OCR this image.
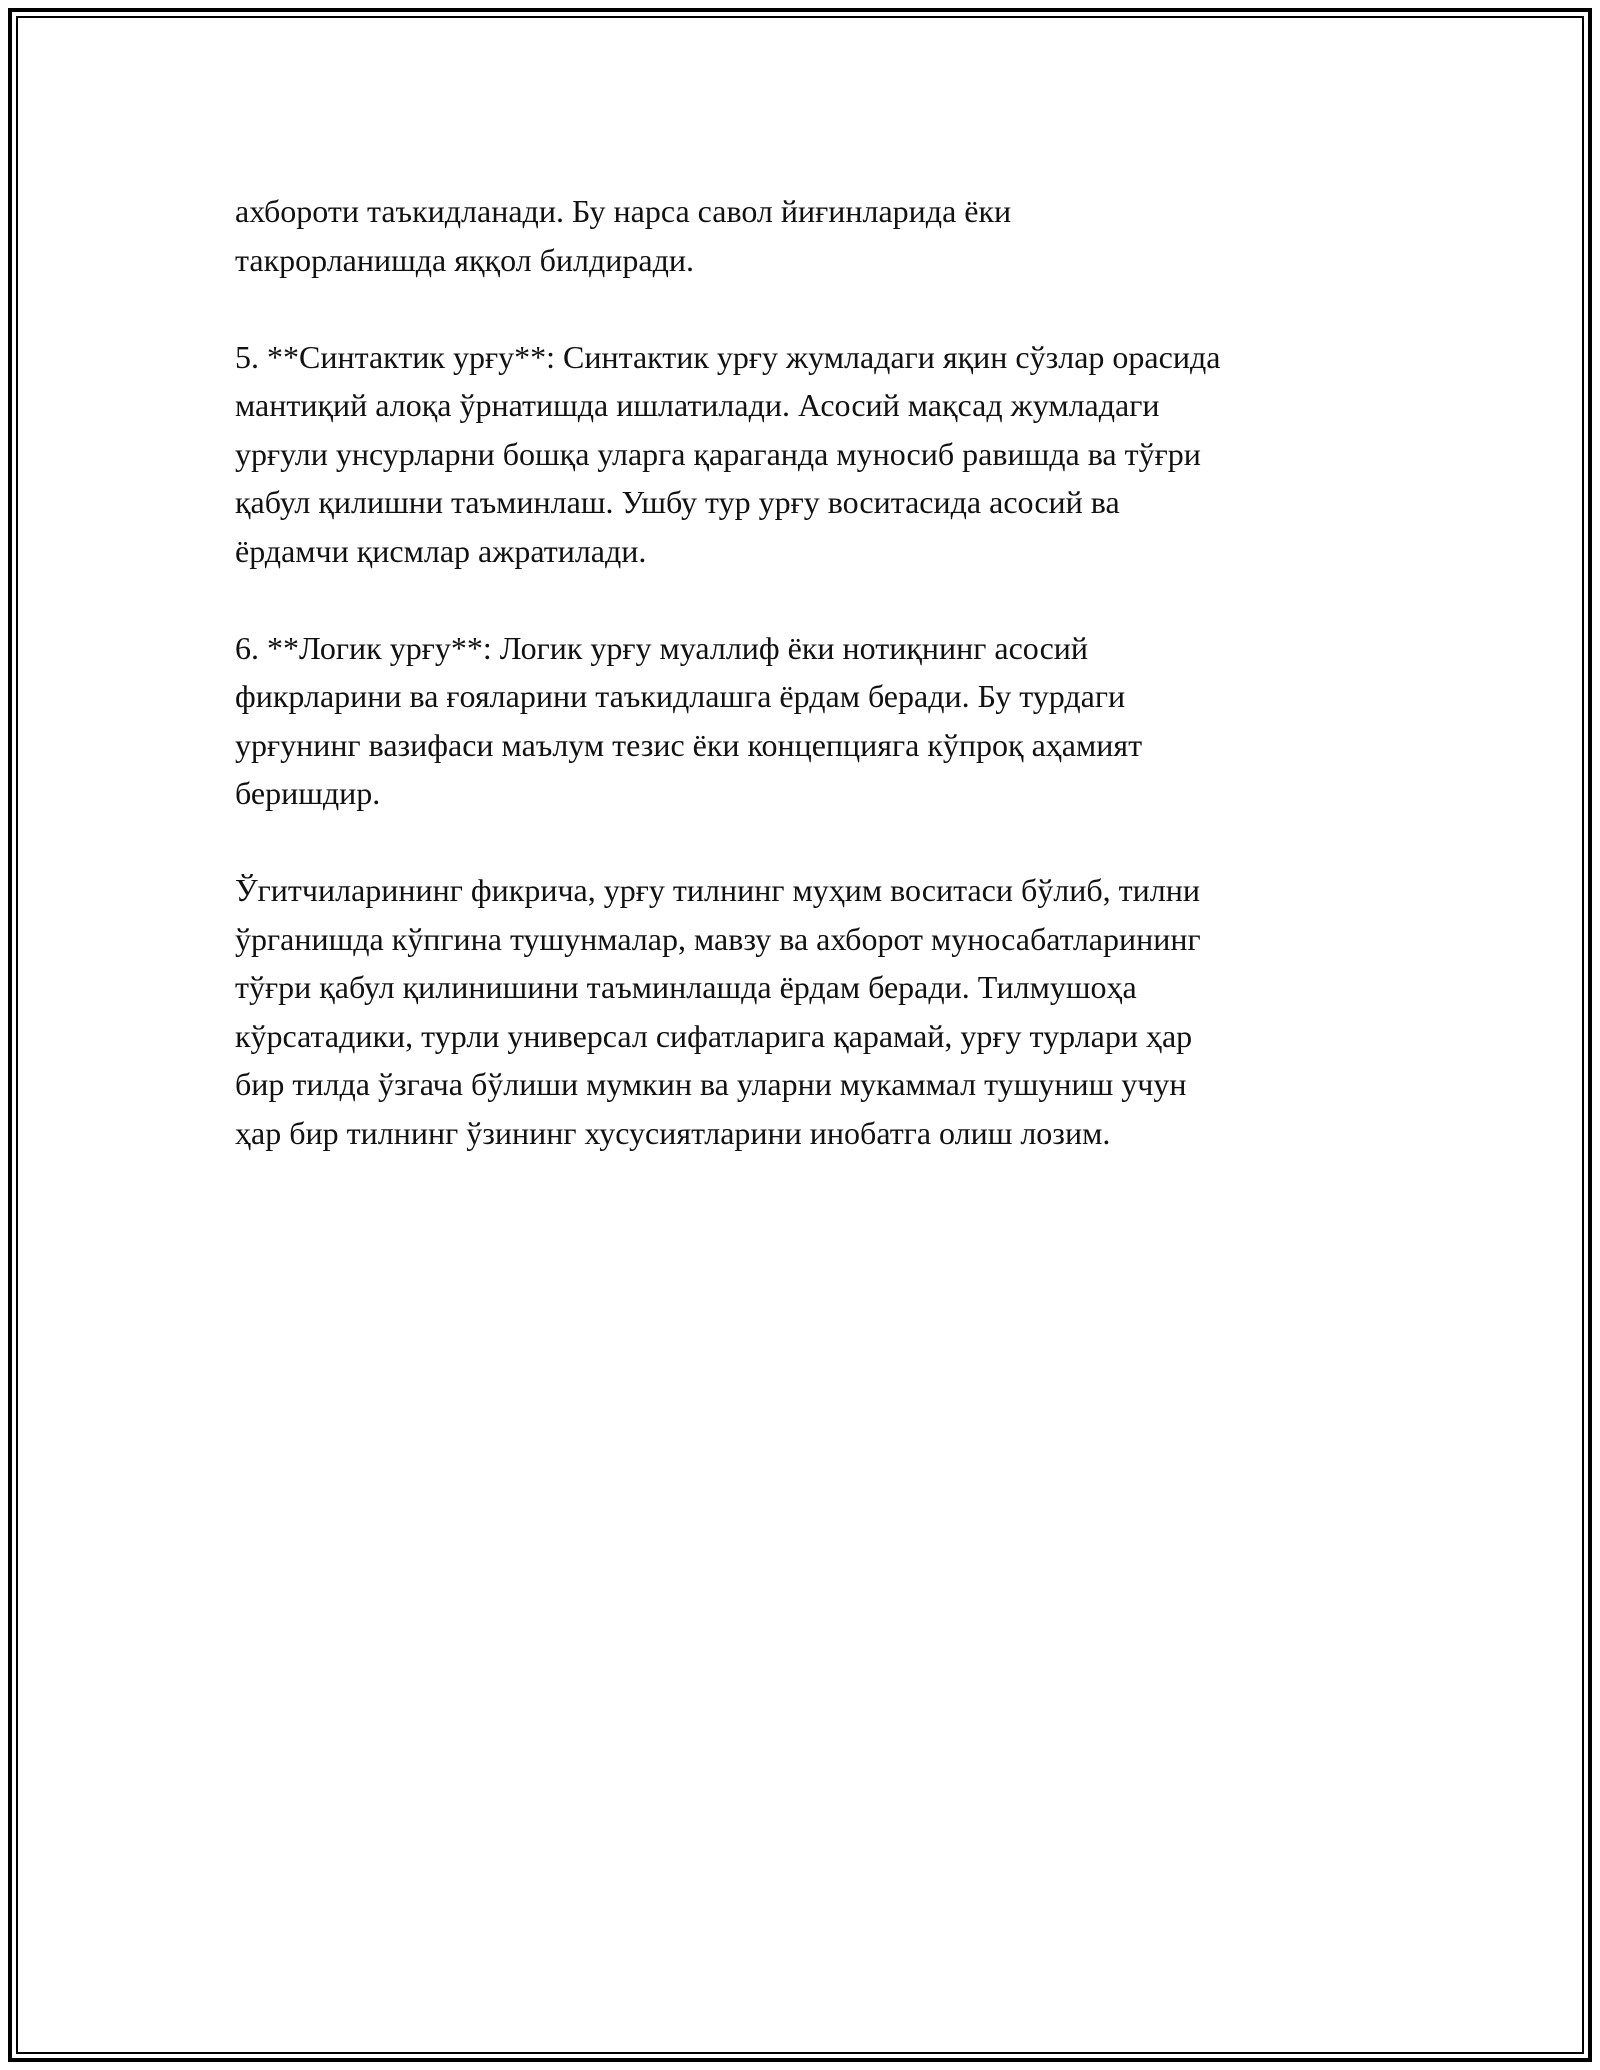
ахбороти таъкидланади. Бу нарса савол йиғинларида ёки
такрорланишда яққол билдиради.

5. **Синтактик урғу**: Синтактик урғу жумладаги яқин сўзлар орасида
мантиқий алоқа ўрнатишда ишлатилади. Асосий мақсад жумладаги
урғули унсурларни бошқа уларга қараганда муносиб равишда ва тўғри
қабул қилишни таъминлаш. Ушбу тур урғу воситасида асосий ва
ёрдамчи қисмлар ажратилади.

6. **Логик урғу**: Логик урғу муаллиф ёки нотиқнинг асосий
фикрларини ва ғояларини таъкидлашга ёрдам беради. Бу турдаги
урғунинг вазифаси маълум тезис ёки концепцияга кўпроқ аҳамият
беришдир.

Ўгитчиларининг фикрича, урғу тилнинг муҳим воситаси бўлиб, тилни
ўрганишда кўпгина тушунмалар, мавзу ва ахборот муносабатларининг
тўғри қабул қилинишини таъминлашда ёрдам беради. Тилмушоҳа
кўрсатадики, турли универсал сифатларига қарамай, урғу турлари ҳар
бир тилда ўзгача бўлиши мумкин ва уларни мукаммал тушуниш учун
ҳар бир тилнинг ўзининг хусусиятларини инобатга олиш лозим.
